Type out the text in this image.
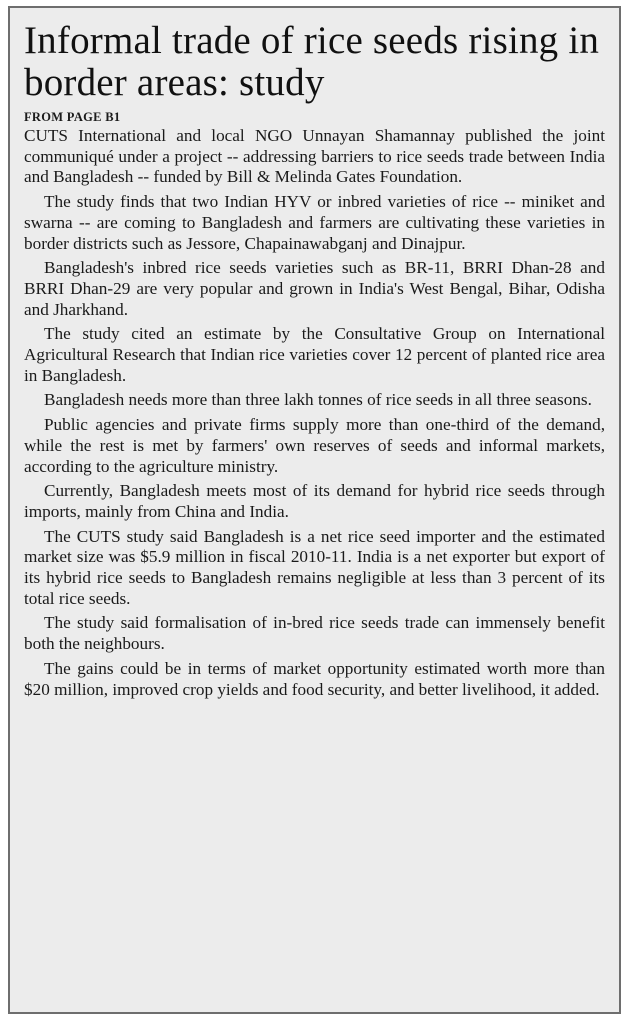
Informal trade of rice seeds rising in border areas: study
FROM PAGE B1

CUTS International and local NGO Unnayan Shamannay published the joint communiqué under a project -- addressing barriers to rice seeds trade between India and Bangladesh -- funded by Bill & Melinda Gates Foundation.

The study finds that two Indian HYV or inbred varieties of rice -- miniket and swarna -- are coming to Bangladesh and farmers are cultivating these varieties in border districts such as Jessore, Chapainawabganj and Dinajpur.

Bangladesh's inbred rice seeds varieties such as BR-11, BRRI Dhan-28 and BRRI Dhan-29 are very popular and grown in India's West Bengal, Bihar, Odisha and Jharkhand.

The study cited an estimate by the Consultative Group on International Agricultural Research that Indian rice varieties cover 12 percent of planted rice area in Bangladesh.

Bangladesh needs more than three lakh tonnes of rice seeds in all three seasons.

Public agencies and private firms supply more than one-third of the demand, while the rest is met by farmers' own reserves of seeds and informal markets, according to the agriculture ministry.

Currently, Bangladesh meets most of its demand for hybrid rice seeds through imports, mainly from China and India.

The CUTS study said Bangladesh is a net rice seed importer and the estimated market size was $5.9 million in fiscal 2010-11. India is a net exporter but export of its hybrid rice seeds to Bangladesh remains negligible at less than 3 percent of its total rice seeds.

The study said formalisation of in-bred rice seeds trade can immensely benefit both the neighbours.

The gains could be in terms of market opportunity estimated worth more than $20 million, improved crop yields and food security, and better livelihood, it added.
